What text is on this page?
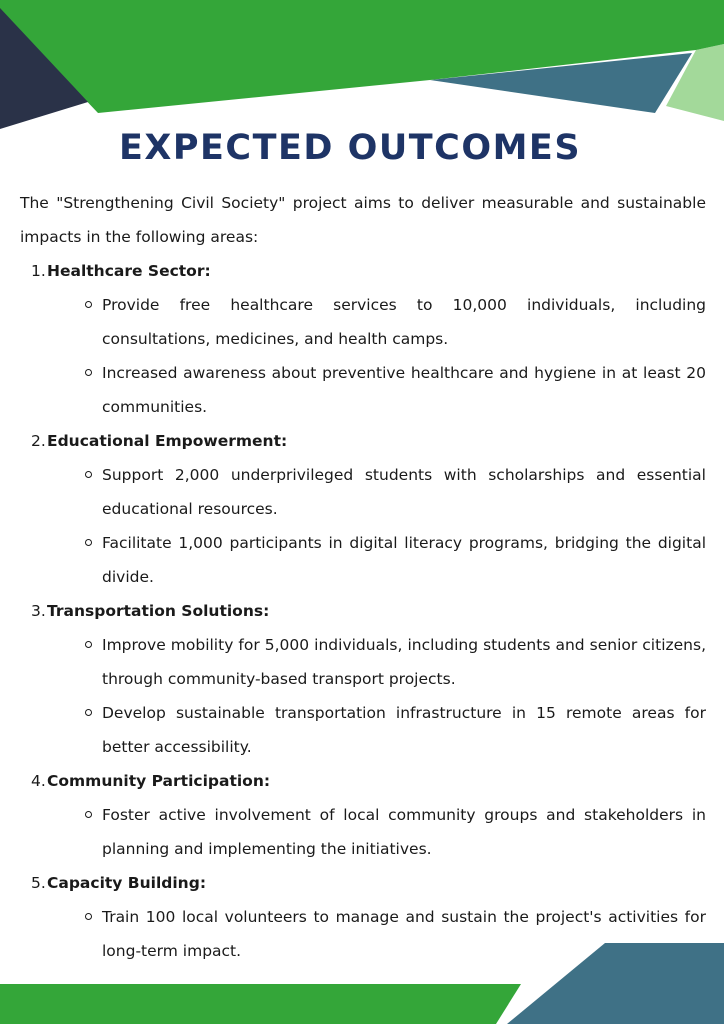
EXPECTED OUTCOMES

The "Strengthening Civil Society" project aims to deliver measurable and sustainable impacts in the following areas:

1. Healthcare Sector:
Provide free healthcare services to 10,000 individuals, including consultations, medicines, and health camps.
Increased awareness about preventive healthcare and hygiene in at least 20 communities.
2. Educational Empowerment:
Support 2,000 underprivileged students with scholarships and essential educational resources.
Facilitate 1,000 participants in digital literacy programs, bridging the digital divide.
3. Transportation Solutions:
Improve mobility for 5,000 individuals, including students and senior citizens, through community-based transport projects.
Develop sustainable transportation infrastructure in 15 remote areas for better accessibility.
4. Community Participation:
Foster active involvement of local community groups and stakeholders in planning and implementing the initiatives.
5. Capacity Building:
Train 100 local volunteers to manage and sustain the project's activities for long-term impact.
